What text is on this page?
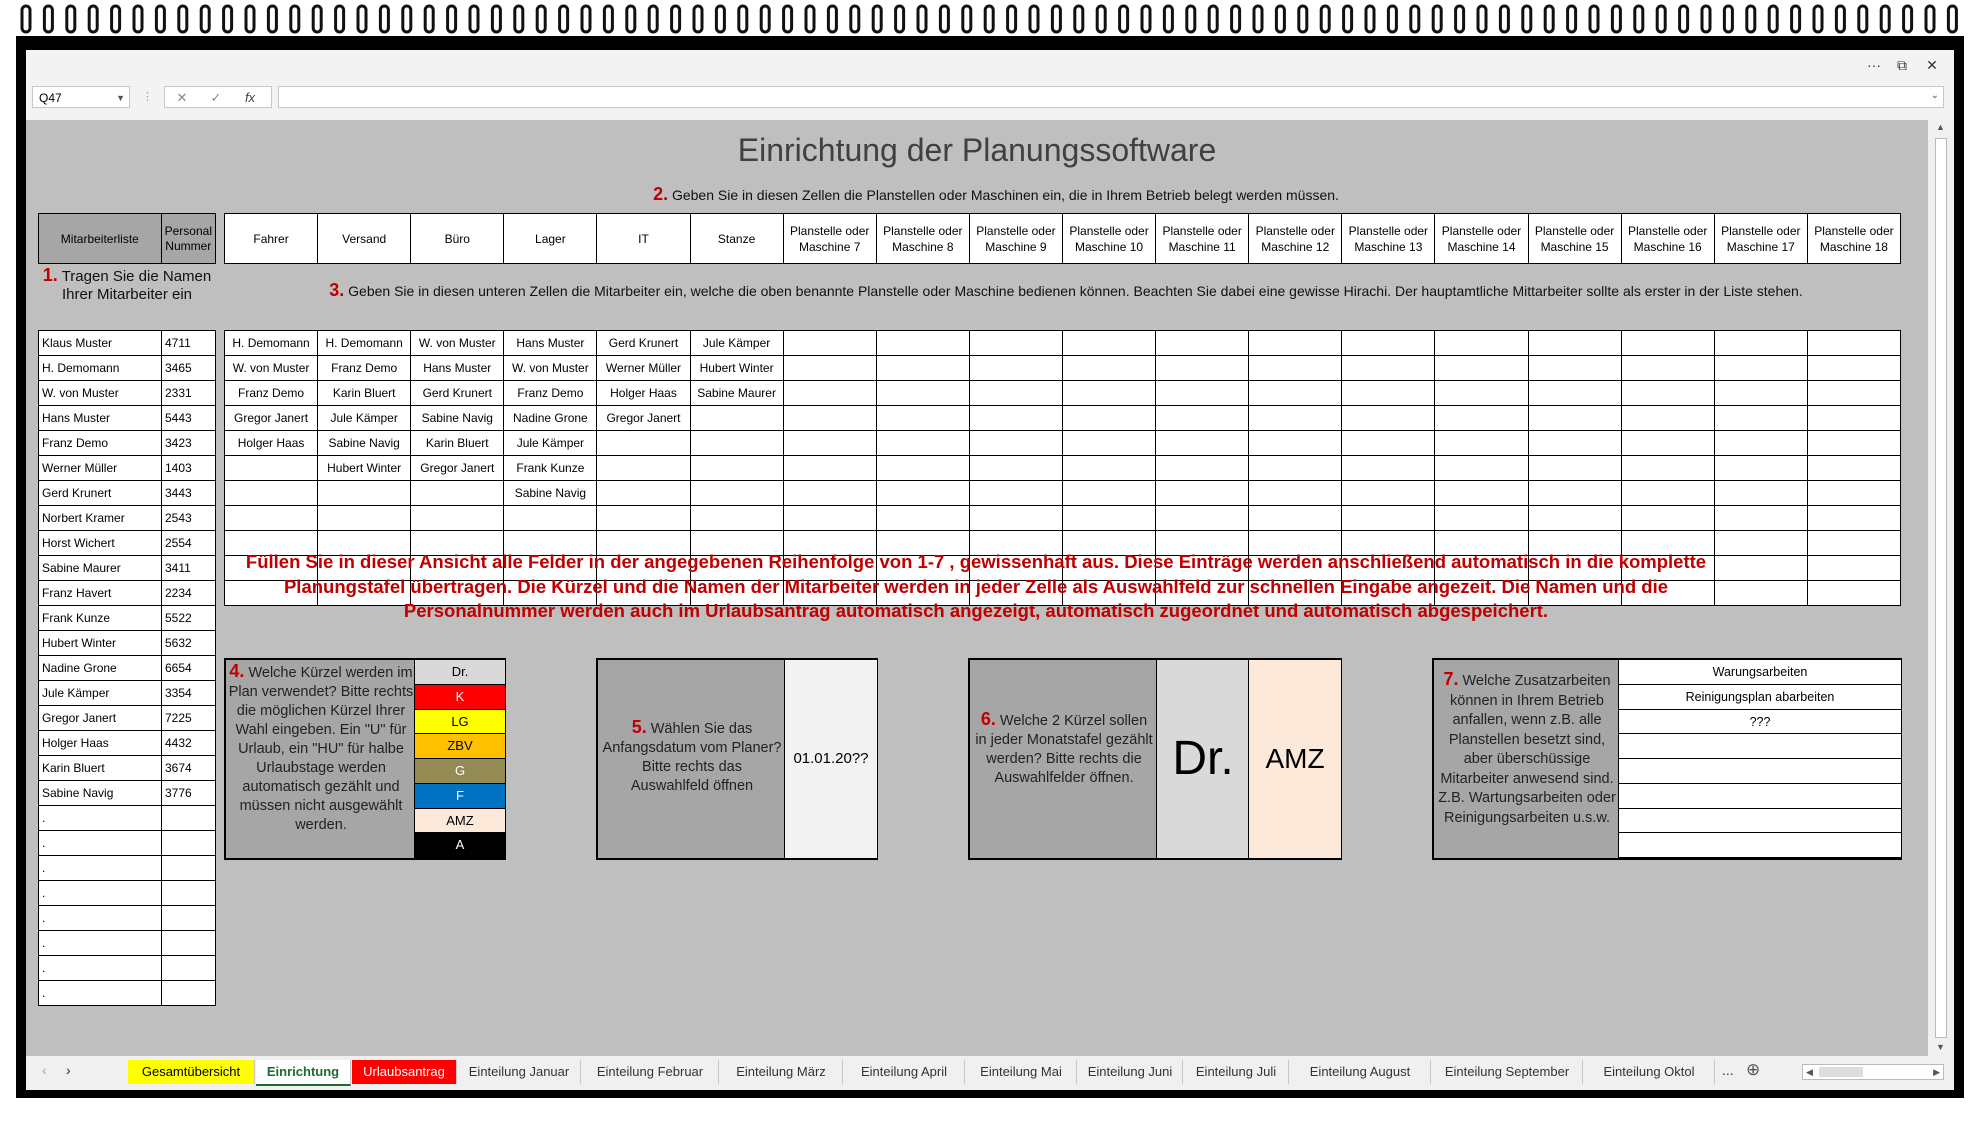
···	⧉	✕
Q47	▼ ⋮	✕ ✓ fx	⌄
Einrichtung der Planungssoftware
2. Geben Sie in diesen Zellen die Planstellen oder Maschinen ein, die in Ihrem Betrieb belegt werden müssen.
Mitarbeiterliste	Personal Nummer
1. Tragen Sie die Namen Ihrer Mitarbeiter ein
Klaus Muster	4711
H. Demomann	3465
W. von Muster	2331
Hans Muster	5443
Franz Demo	3423
Werner Müller	1403
Gerd Krunert	3443
Norbert Kramer	2543
Horst Wichert	2554
Sabine Maurer	3411
Franz Havert	2234
Frank Kunze	5522
Hubert Winter	5632
Nadine Grone	6654
Jule Kämper	3354
Gregor Janert	7225
Holger Haas	4432
Karin Bluert	3674
Sabine Navig	3776
.	
.	
.	
.	
.	
.	
.	
.	
Fahrer	Versand	Büro	Lager	IT	Stanze	Planstelle oder Maschine 7	Planstelle oder Maschine 8	Planstelle oder Maschine 9	Planstelle oder Maschine 10	Planstelle oder Maschine 11	Planstelle oder Maschine 12	Planstelle oder Maschine 13	Planstelle oder Maschine 14	Planstelle oder Maschine 15	Planstelle oder Maschine 16	Planstelle oder Maschine 17	Planstelle oder Maschine 18
3. Geben Sie in diesen unteren Zellen die Mitarbeiter ein, welche die oben benannte Planstelle oder Maschine bedienen können. Beachten Sie dabei eine gewisse Hirachi. Der hauptamtliche Mittarbeiter sollte als erster in der Liste stehen.
H. Demomann	H. Demomann	W. von Muster	Hans Muster	Gerd Krunert	Jule Kämper												
W. von Muster	Franz Demo	Hans Muster	W. von Muster	Werner Müller	Hubert Winter												
Franz Demo	Karin Bluert	Gerd Krunert	Franz Demo	Holger Haas	Sabine Maurer												
Gregor Janert	Jule Kämper	Sabine Navig	Nadine Grone	Gregor Janert													
Holger Haas	Sabine Navig	Karin Bluert	Jule Kämper														
	Hubert Winter	Gregor Janert	Frank Kunze														
			Sabine Navig														

Füllen Sie in dieser Ansicht alle Felder in der angegebenen Reihenfolge von 1-7 , gewissenhaft aus. Diese Einträge werden anschließend automatisch in die komplette Planungstafel übertragen. Die Kürzel und die Namen der Mitarbeiter werden in jeder Zelle als Auswahlfeld zur schnellen Eingabe angezeit. Die Namen und die Personalnummer werden auch im Urlaubsantrag automatisch angezeigt, automatisch zugeordnet und automatisch abgespeichert.
4. Welche Kürzel werden im Plan verwendet? Bitte rechts die möglichen Kürzel Ihrer Wahl eingeben. Ein "U" für Urlaub, ein "HU" für halbe Urlaubstage werden automatisch gezählt und müssen nicht ausgewählt werden.
Dr.
K
LG
ZBV
G
F
AMZ
A
5. Wählen Sie das Anfangsdatum vom Planer? Bitte rechts das Auswahlfeld öffnen
01.01.20??
6. Welche 2 Kürzel sollen in jeder Monatstafel gezählt werden? Bitte rechts die Auswahlfelder öffnen. Dr.	AMZ
7. Welche Zusatzarbeiten können in Ihrem Betrieb anfallen, wenn z.B. alle Planstellen besetzt sind, aber überschüssige Mitarbeiter anwesend sind. Z.B. Wartungsarbeiten oder Reinigungsarbeiten u.s.w.
Warungsarbeiten
Reinigungsplan abarbeiten
???
▲
▼
‹ ›	Gesamtübersicht	Einrichtung	Urlaubsantrag	Einteilung Januar	Einteilung Februar	Einteilung März	Einteilung April	Einteilung Mai	Einteilung Juni	Einteilung Juli	Einteilung August	Einteilung September	Einteilung Oktol	... ⊕	◀	▶
